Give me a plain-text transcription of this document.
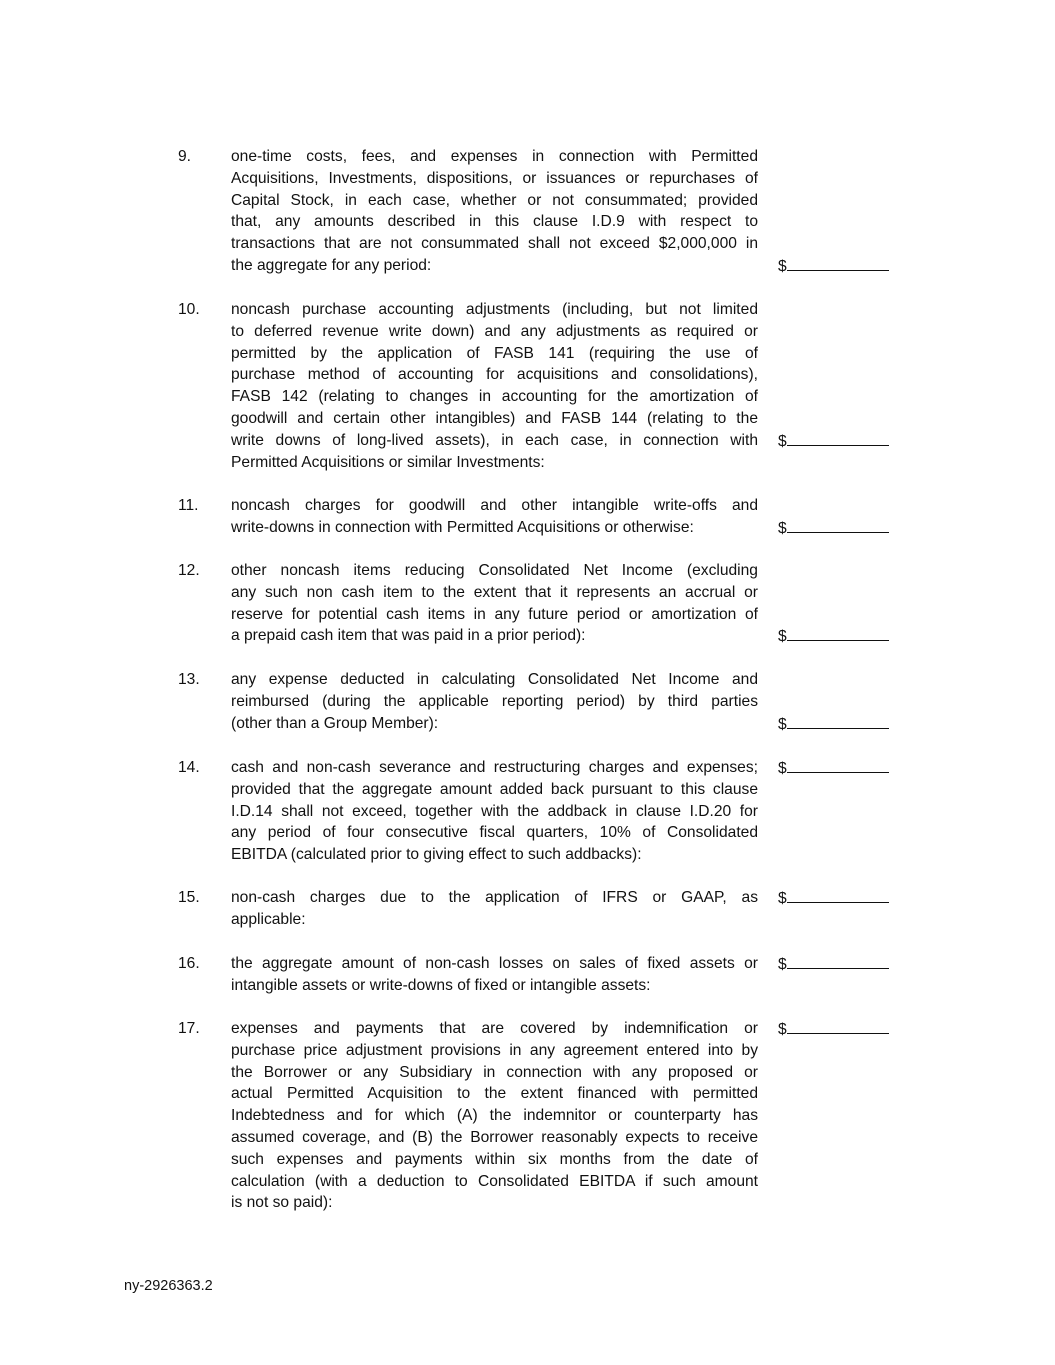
9.	one-time costs, fees, and expenses in connection with Permitted
Acquisitions, Investments, dispositions, or issuances or repurchases of
Capital Stock, in each case, whether or not consummated; provided
that, any amounts described in this clause I.D.9 with respect to
transactions that are not consummated shall not exceed $2,000,000 in
the aggregate for any period:	$
10. noncash purchase accounting adjustments (including, but not limited
to deferred revenue write down) and any adjustments as required or
permitted by the application of FASB 141 (requiring the use of
purchase method of accounting for acquisitions and consolidations),
FASB 142 (relating to changes in accounting for the amortization of
goodwill and certain other intangibles) and FASB 144 (relating to the
write downs of long-lived assets), in each case, in connection with
Permitted Acquisitions or similar Investments:
$
11. noncash charges for goodwill and other intangible write-offs and
write-downs in connection with Permitted Acquisitions or otherwise:	$
12. other noncash items reducing Consolidated Net Income (excluding
any such non cash item to the extent that it represents an accrual or
reserve for potential cash items in any future period or amortization of
a prepaid cash item that was paid in a prior period):	$
13. any expense deducted in calculating Consolidated Net Income and
reimbursed (during the applicable reporting period) by third parties
(other than a Group Member):	$
14. cash and non-cash severance and restructuring charges and expenses;
provided that the aggregate amount added back pursuant to this clause
I.D.14 shall not exceed, together with the addback in clause I.D.20 for
any period of four consecutive fiscal quarters, 10% of Consolidated
EBITDA (calculated prior to giving effect to such addbacks):
$
15. non-cash charges due to the application of IFRS or GAAP, as
applicable:
$
16. the aggregate amount of non-cash losses on sales of fixed assets or
intangible assets or write-downs of fixed or intangible assets:
$
17. expenses and payments that are covered by indemnification or
purchase price adjustment provisions in any agreement entered into by
the Borrower or any Subsidiary in connection with any proposed or
actual Permitted Acquisition to the extent financed with permitted
Indebtedness and for which (A) the indemnitor or counterparty has
assumed coverage, and (B) the Borrower reasonably expects to receive
such expenses and payments within six months from the date of
calculation (with a deduction to Consolidated EBITDA if such amount
is not so paid):
$
ny-2926363.2
